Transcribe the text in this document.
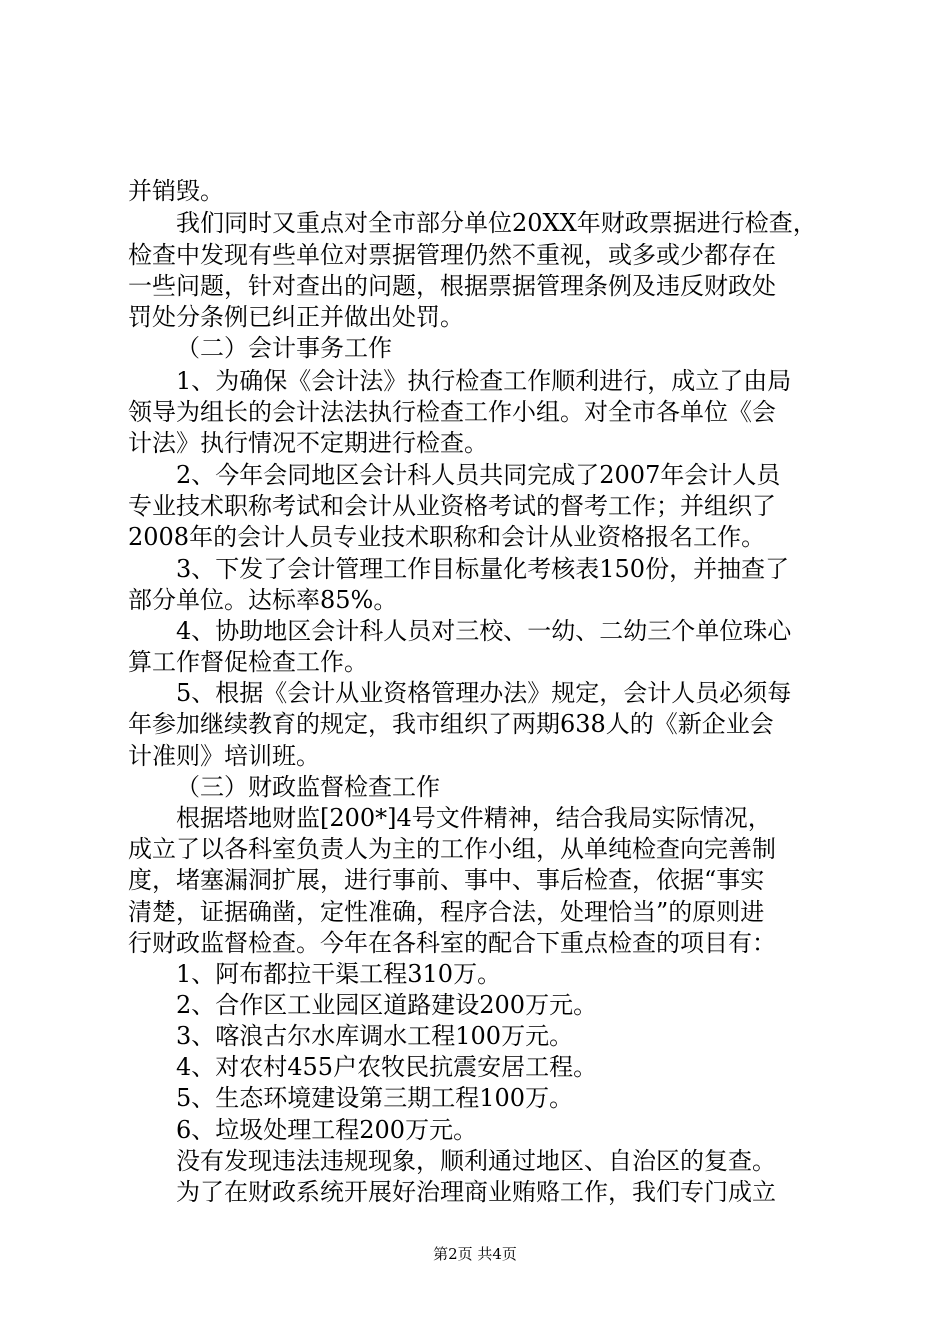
并销毁。
我们同时又重点对全市部分单位20XX年财政票据进行检查，
检查中发现有些单位对票据管理仍然不重视，或多或少都存在
一些问题，针对查出的问题，根据票据管理条例及违反财政处
罚处分条例已纠正并做出处罚。
（二）会计事务工作
1、为确保《会计法》执行检查工作顺利进行，成立了由局
领导为组长的会计法法执行检查工作小组。对全市各单位《会
计法》执行情况不定期进行检查。
2、今年会同地区会计科人员共同完成了2007年会计人员
专业技术职称考试和会计从业资格考试的督考工作；并组织了
2008年的会计人员专业技术职称和会计从业资格报名工作。
3、下发了会计管理工作目标量化考核表150份，并抽查了
部分单位。达标率85%。
4、协助地区会计科人员对三校、一幼、二幼三个单位珠心
算工作督促检查工作。
5、根据《会计从业资格管理办法》规定，会计人员必须每
年参加继续教育的规定，我市组织了两期638人的《新企业会
计准则》培训班。
（三）财政监督检查工作
根据塔地财监[200*]4号文件精神，结合我局实际情况，
成立了以各科室负责人为主的工作小组，从单纯检查向完善制
度，堵塞漏洞扩展，进行事前、事中、事后检查，依据“事实
清楚，证据确凿，定性准确，程序合法，处理恰当”的原则进
行财政监督检查。今年在各科室的配合下重点检查的项目有：
1、阿布都拉干渠工程310万。
2、合作区工业园区道路建设200万元。
3、喀浪古尔水库调水工程100万元。
4、对农村455户农牧民抗震安居工程。
5、生态环境建设第三期工程100万。
6、垃圾处理工程200万元。
没有发现违法违规现象，顺利通过地区、自治区的复查。
为了在财政系统开展好治理商业贿赂工作，我们专门成立
第2页 共4页
